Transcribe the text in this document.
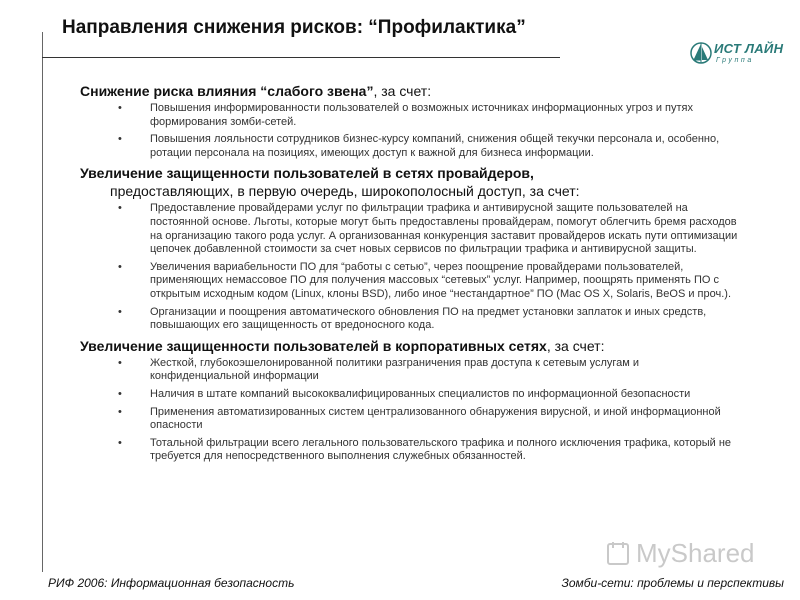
Направления снижения рисков: “Профилактика”
ИСТ ЛАЙН
Группа
Снижение риска влияния “слабого звена”, за счет:
•	Повышения информированности пользователей о возможных источниках информационных угроз и путях формирования зомби-сетей.
•	Повышения лояльности сотрудников бизнес-курсу компаний, снижения общей текучки персонала и, особенно, ротации персонала на позициях, имеющих доступ к важной для бизнеса информации.
Увеличение защищенности пользователей в сетях провайдеров,
предоставляющих, в первую очередь, широкополосный доступ, за счет:
•	Предоставление провайдерами услуг по фильтрации трафика и антивирусной защите пользователей на постоянной основе. Льготы, которые могут быть предоставлены провайдерам, помогут облегчить бремя расходов на организацию такого рода услуг. А организованная конкуренция заставит провайдеров искать пути оптимизации цепочек добавленной стоимости за счет новых сервисов по фильтрации трафика и антивирусной защиты.
•	Увеличения вариабельности ПО для “работы с сетью”, через поощрение провайдерами пользователей, применяющих немассовое ПО для получения массовых “сетевых” услуг. Например, поощрять применять ПО с открытым исходным кодом (Linux, клоны BSD), либо иное “нестандартное” ПО (Mac OS X, Solaris, BeOS и проч.).
•	Организации и поощрения автоматического обновления ПО на предмет установки заплаток и иных средств, повышающих его защищенность от вредоносного кода.
Увеличение защищенности пользователей в корпоративных сетях, за счет:
•	Жесткой, глубокоэшелонированной политики разграничения прав доступа к сетевым услугам и конфиденциальной информации
•	Наличия в штате компаний высококвалифицированных специалистов по информационной безопасности
•	Применения автоматизированных систем централизованного обнаружения вирусной, и иной информационной опасности
•	Тотальной фильтрации всего легального пользовательского трафика и полного исключения трафика, который не требуется для непосредственного выполнения служебных обязанностей.
MyShared
РИФ 2006: Информационная безопасность	Зомби-сети: проблемы и перспективы
